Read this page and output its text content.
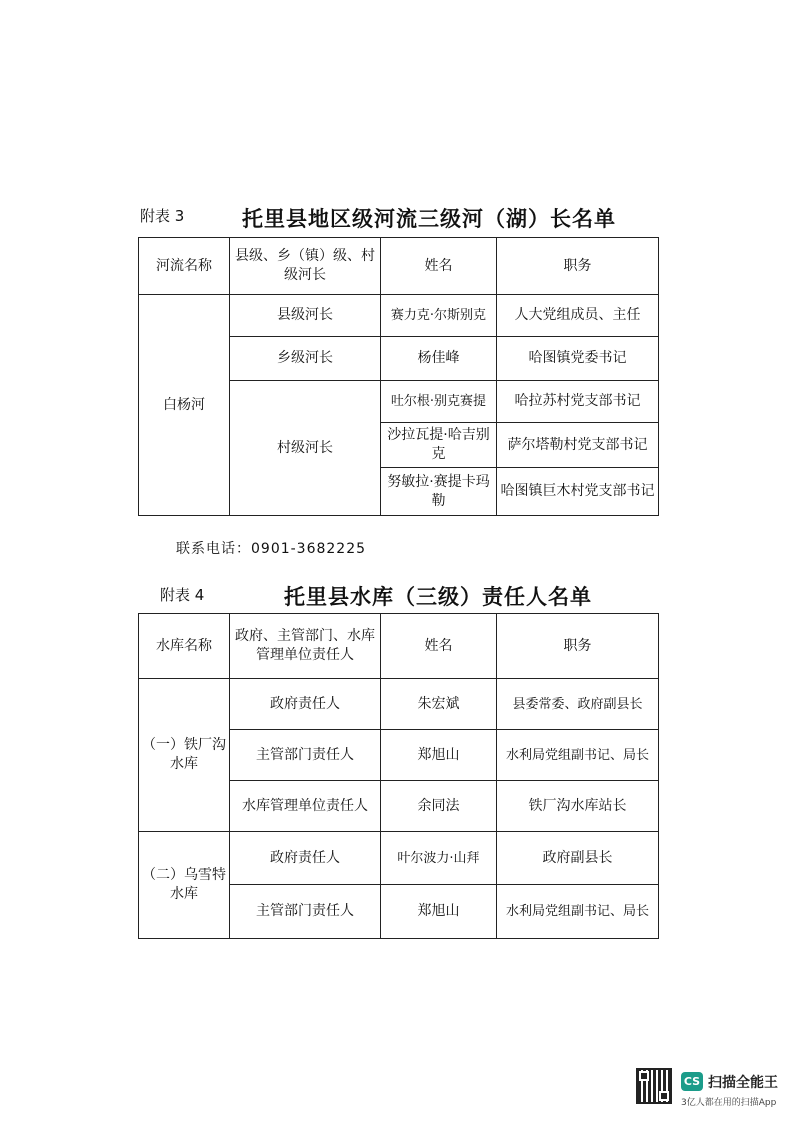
附表 3	托里县地区级河流三级河（湖）长名单
河流名称	县级、乡（镇）级、村级河长	姓名	职务
白杨河	县级河长	赛力克·尔斯别克	人大党组成员、主任
	乡级河长	杨佳峰	哈图镇党委书记
	村级河长	吐尔根·别克赛提	哈拉苏村党支部书记
		沙拉瓦提·哈吉别克	萨尔塔勒村党支部书记
		努敏拉·赛提卡玛勒	哈图镇巨木村党支部书记
联系电话：0901-3682225
附表 4	托里县水库（三级）责任人名单
水库名称	政府、主管部门、水库管理单位责任人	姓名	职务
（一）铁厂沟水库	政府责任人	朱宏斌	县委常委、政府副县长
	主管部门责任人	郑旭山	水利局党组副书记、局长
	水库管理单位责任人	余同法	铁厂沟水库站长
（二）乌雪特水库	政府责任人	叶尔波力·山拜	政府副县长
	主管部门责任人	郑旭山	水利局党组副书记、局长
CS 扫描全能王
3亿人都在用的扫描App
